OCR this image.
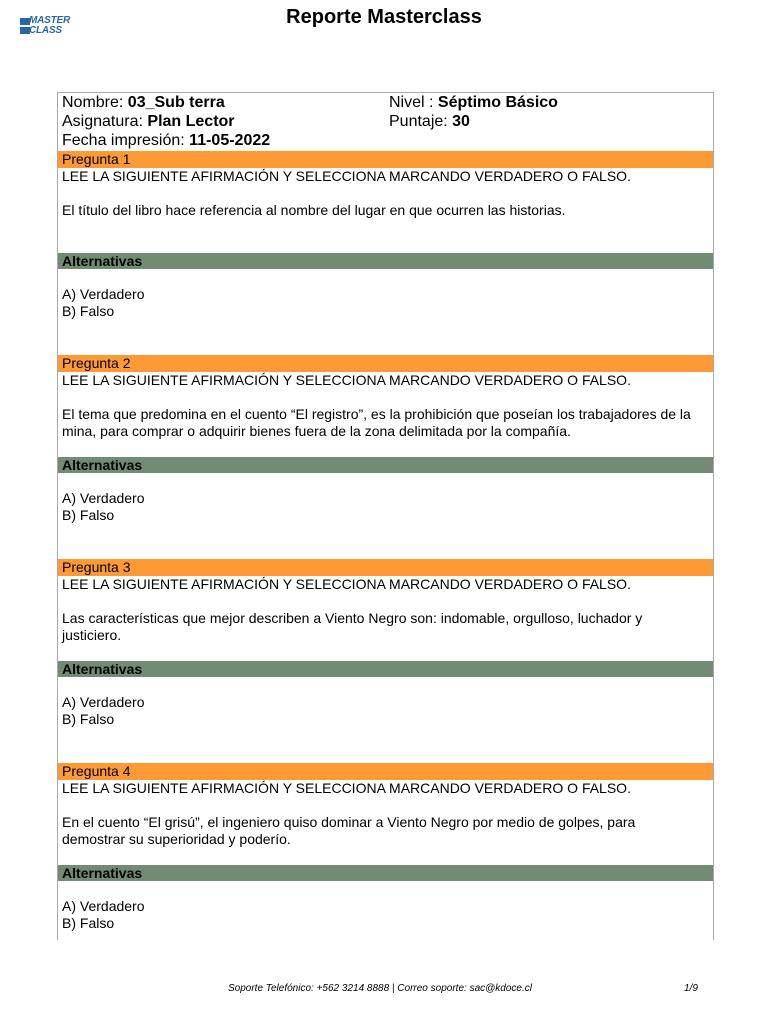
MASTER
CLASS
Reporte Masterclass
Nombre: 03_Sub terra
Asignatura: Plan Lector
Fecha impresión: 11-05-2022
Nivel : Séptimo Básico
Puntaje: 30
Pregunta 1
LEE LA SIGUIENTE AFIRMACIÓN Y SELECCIONA MARCANDO VERDADERO O FALSO.
El título del libro hace referencia al nombre del lugar en que ocurren las historias.
Alternativas
A) Verdadero
B) Falso
Pregunta 2
LEE LA SIGUIENTE AFIRMACIÓN Y SELECCIONA MARCANDO VERDADERO O FALSO.
El tema que predomina en el cuento “El registro”, es la prohibición que poseían los trabajadores de la mina, para comprar o adquirir bienes fuera de la zona delimitada por la compañía.
Alternativas
A) Verdadero
B) Falso
Pregunta 3
LEE LA SIGUIENTE AFIRMACIÓN Y SELECCIONA MARCANDO VERDADERO O FALSO.
Las características que mejor describen a Viento Negro son: indomable, orgulloso, luchador y justiciero.
Alternativas
A) Verdadero
B) Falso
Pregunta 4
LEE LA SIGUIENTE AFIRMACIÓN Y SELECCIONA MARCANDO VERDADERO O FALSO.
En el cuento “El grisú”, el ingeniero quiso dominar a Viento Negro por medio de golpes, para demostrar su superioridad y poderío.
Alternativas
A) Verdadero
B) Falso
Soporte Telefónico: +562 3214 8888 | Correo soporte: sac@kdoce.cl	1/9
